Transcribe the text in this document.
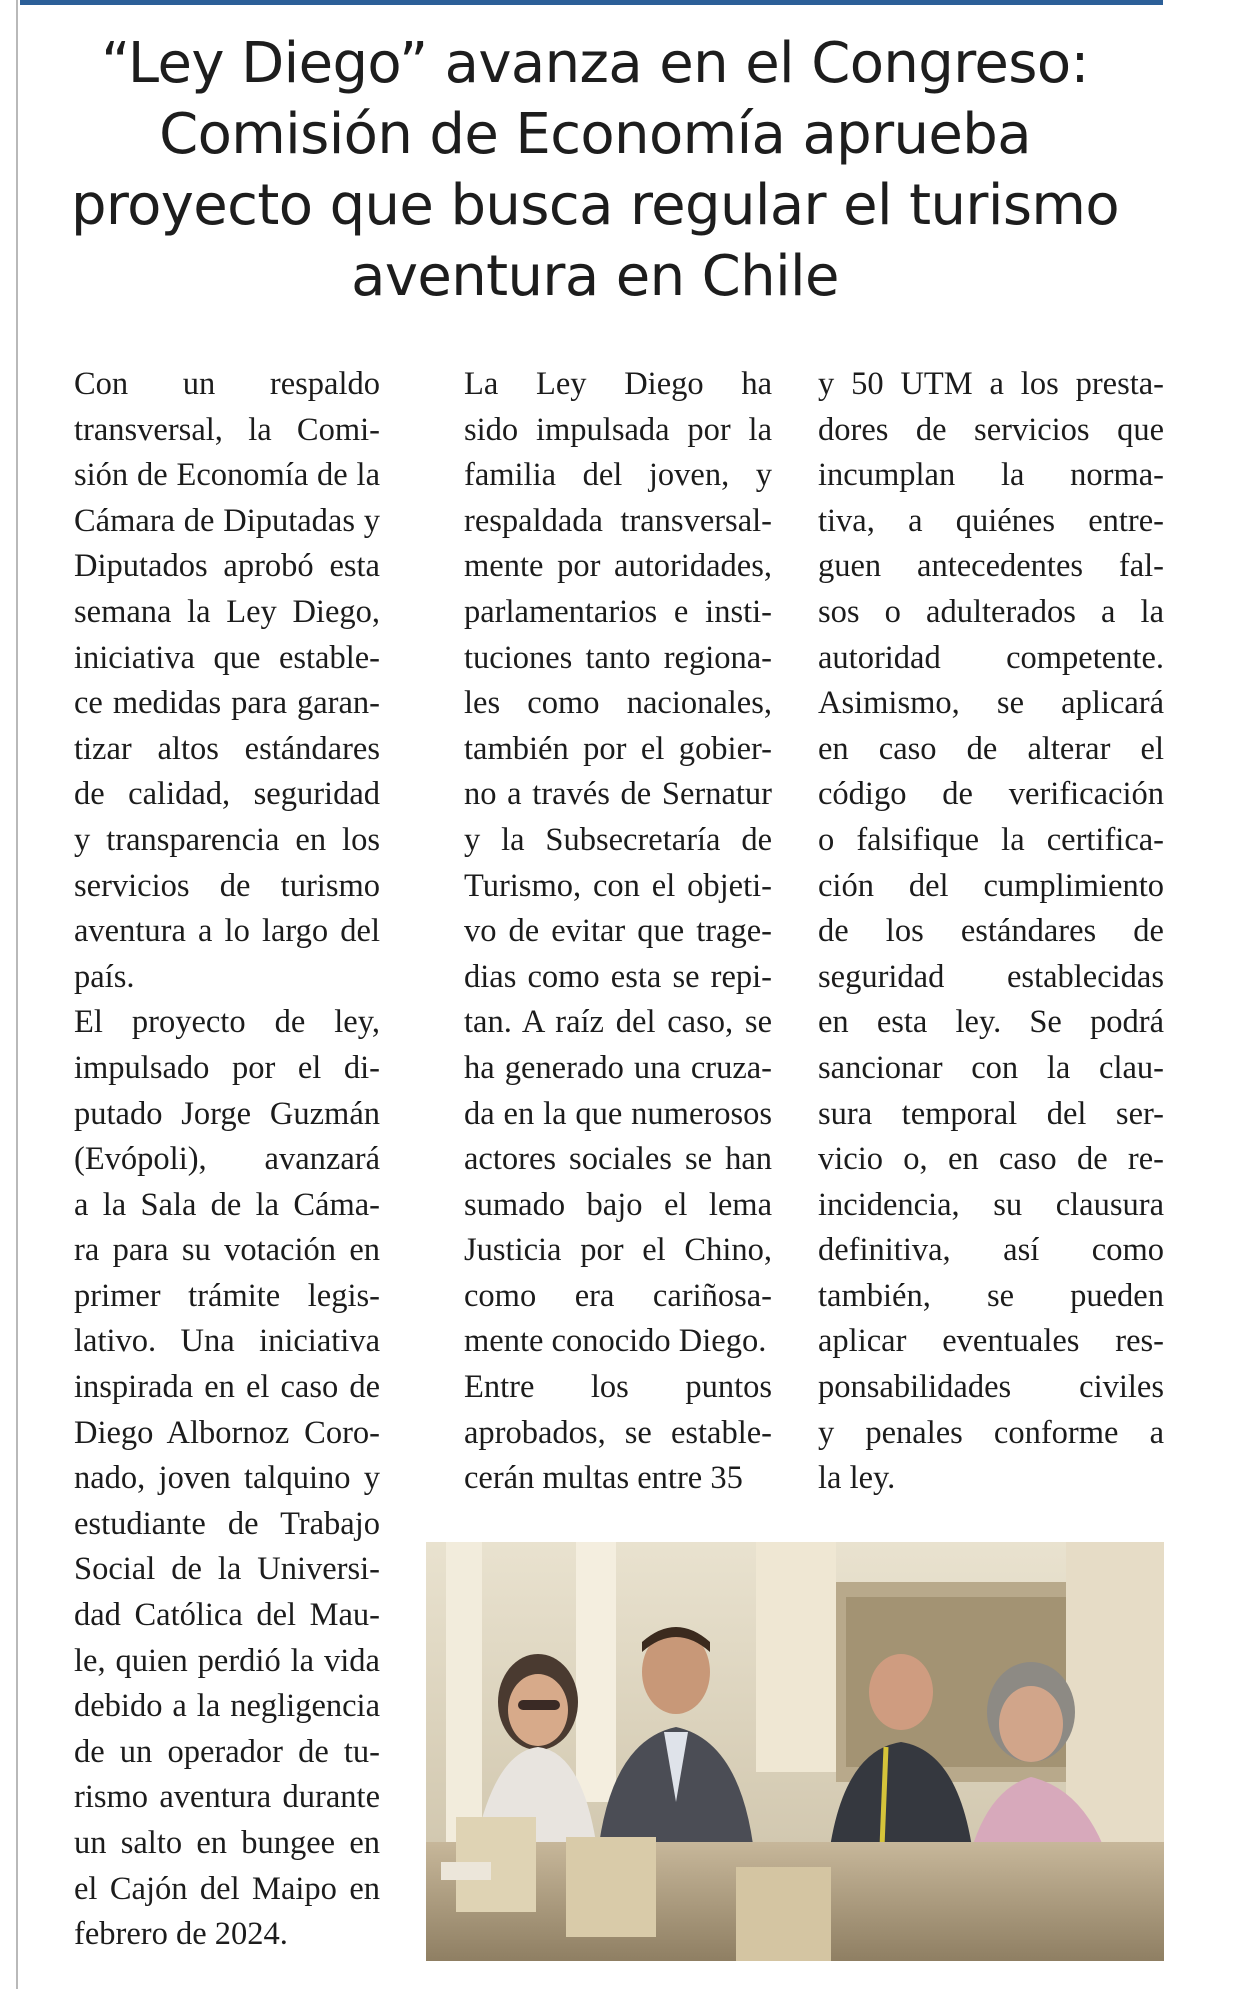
“Ley Diego” avanza en el Congreso: Comisión de Economía aprueba proyecto que busca regular el turismo aventura en Chile

Con un respaldo
transversal, la Comi-
sión de Economía de la
Cámara de Diputadas y
Diputados aprobó esta
semana la Ley Diego,
iniciativa que estable-
ce medidas para garan-
tizar altos estándares
de calidad, seguridad
y transparencia en los
servicios de turismo
aventura a lo largo del
país.

El proyecto de ley,
impulsado por el di-
putado Jorge Guzmán
(Evópoli), avanzará
a la Sala de la Cáma-
ra para su votación en
primer trámite legis-
lativo. Una iniciativa
inspirada en el caso de
Diego Albornoz Coro-
nado, joven talquino y
estudiante de Trabajo
Social de la Universi-
dad Católica del Mau-
le, quien perdió la vida
debido a la negligencia
de un operador de tu-
rismo aventura durante
un salto en bungee en
el Cajón del Maipo en
febrero de 2024.

La Ley Diego ha
sido impulsada por la
familia del joven, y
respaldada transversal-
mente por autoridades,
parlamentarios e insti-
tuciones tanto regiona-
les como nacionales,
también por el gobier-
no a través de Sernatur
y la Subsecretaría de
Turismo, con el objeti-
vo de evitar que trage-
dias como esta se repi-
tan. A raíz del caso, se
ha generado una cruza-
da en la que numerosos
actores sociales se han
sumado bajo el lema
Justicia por el Chino,
como era cariñosa-
mente conocido Diego.

Entre los puntos
aprobados, se estable-
cerán multas entre 35

y 50 UTM a los presta-
dores de servicios que
incumplan la norma-
tiva, a quiénes entre-
guen antecedentes fal-
sos o adulterados a la
autoridad competente.
Asimismo, se aplicará
en caso de alterar el
código de verificación
o falsifique la certifica-
ción del cumplimiento
de los estándares de
seguridad establecidas
en esta ley. Se podrá
sancionar con la clau-
sura temporal del ser-
vicio o, en caso de re-
incidencia, su clausura
definitiva, así como
también, se pueden
aplicar eventuales res-
ponsabilidades civiles
y penales conforme a
la ley.
